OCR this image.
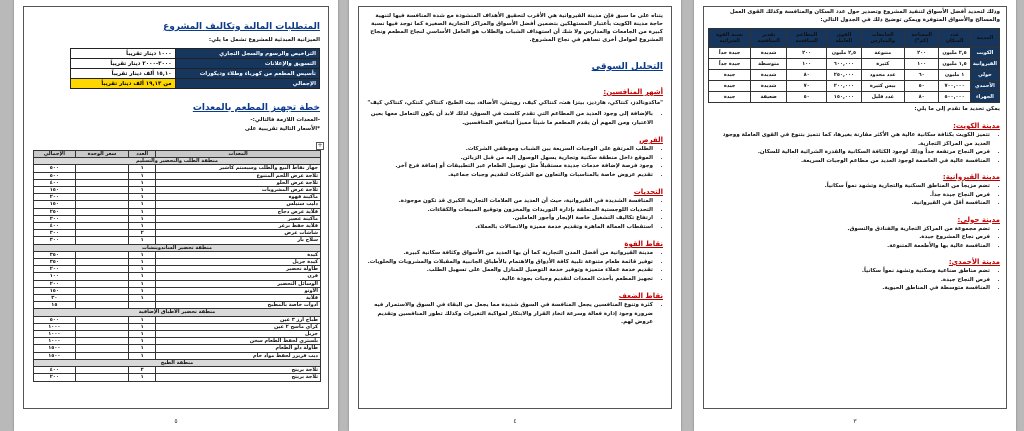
المتطلبات المالية وتكاليف المشروع
الميزانية المبدئية للمشروع تشمل ما يلي:
التراخيص والرسوم والسجل التجاري	١٠٠٠ دينار تقريباً
التسويق والإعلانات	٣٠٠٠-٢٠٠٠ دينار تقريباً
تأسيس المطعم من كهرباء وطلاء وديكورات	١٥,١٠ ألف دينار تقريباً
الإجمالي	من ١٩,١٣ ألف دينار تقريباً
خطة تجهيز المطعم بالمعدات
-المعدات اللازمة فالتالي:-
*الأسعار التالية تقريبية على
المعدات	العدد	سعر الوحدة	الإجمالي
منطقة الطلب والتحضير والتسليم			
جهاز نقاط البيع والطلب وسيستم كاشير	١		٥٠٠
ثلاجة عرض اللحم المتنوع	١		٥٠٠
ثلاجة عرض الحلو	١		٤٠٠
ثلاجة عرض المشروبات	١		١٥٠
ماكينة قهوة	١		٢٠٠
دليب ستيلس	١		١٥٠
قلاية عرض دجاج	١		٢٥٠
ماكينة عصير	١		٣٠٠
قلاية حفظ برغر	١		٤٠٠
شاشات عرض	٢		٣٠٠
سلاح بار	١		٣٠٠
منطقة تحضير الساندويتشات			
كيدة	١		٣٥٠
كيدة جريل	١		٣٥٠
طاولة تحضير	١		٢٠٠
فرن	١		١٠٠
الوسائل التحضير	١		٢٠٠
الأوتو	١		١٥٠
قلاية	١		٣٠
أدوات خاصة بالمطبخ			١٥
منطقة تحضير الأطباق الإضافية			
طباخ أرز ٣ عين	١		٥٠٠
كراي ماسح ٢ عين	١		١٠٠٠
جريل	١		١٠٠٠
بلستري لحفظ الطعام سخن	١		١٠٠٠
طاولة دلو الطعام	١		١٥٠٠
ديب فريزر لحفظ مواد خام	١		١٥٠٠
منطقة الطبخ			
ثلاجة بريتج	٢		٤٠٠
ثلاجة بريتج	١		٢٠٠
٥
+
يتناه على ما سبق فإن مدينة القيروانية هي الأقرب لتحقيق الأهداف المنشودة مع شدة المنافسة فيها لتنهية حاجة مدينة الكويت بأعتبار المستهلكين بتضمين أفضل الأسواق والمراكز التجارية الصغيرة كما توجد فيها نسبة كبيرة من الجامعات والمدارس ولا شك أن استهداف الشباب والطلاب هو العامل الأساسي لنجاح المطعم ونجاح المشروع لعوامل أخرى تساهم في نجاح المشروع.
التحليل السوقي
أشهر المنافسين:
"ماكدونالدز، كنتاكي، هارديز، بيتزا هت، كنتاكي كيف، رويتش، الأصالة، بيت الطبخ، كنتاكي كنتكي، كنتاكي كيف"
• بالإضافة إلى وجود العديد من المطاعم التي تقدم كلست في السوق، لذلك لابد أن يكون التعامل معها بعين الاعتبار، ومن المهم أن يقدم المطعم ما شيئاً مميزاً لينافس المنافسين.
الفرص
• الطلب المرتفع على الوجبات السريعة بين الشباب وموظفي الشركات.
• الموقع داخل منطقة سكنية وتجارية يسهل الوصول إليه من قبل الزبائن.
• وجود فرصة لإضافة خدمات جديدة مستقبلاً مثل توصيل الطعام عبر التطبيقات أو إضافة فرع آخر.
• تقديم عروض خاصة بالمناسبات والتعاون مع الشركات لتقديم وجبات جماعية.
التحديات
• المنافسة الشديدة في القيروانية، حيث أن العديد من العلامات التجارية الكبرى قد تكون موجودة.
• التحديات اللوجستية المتعلقة بإدارة التوريدات والمخزون وتوقيع المبيعات والكفاءات.
• ارتفاع تكاليف التشغيل خاصة الإيجار وأجور العاملين.
• استقطاب العمالة الماهرة وتقديم خدمة مميزة والاتصالات بالعملاء.
نقاط القوة
• مدينة القيروانية من أفضل المدن التجارية كما أن بها العديد من الأسواق وكثافة سكانية كبيرة.
• توفير قائمة طعام متنوعة تلبية كافة الأذواق والاهتمام بالأطباق الجانبية والمقبلات والمشروبات والحلويات.
• تقديم خدمة عملاء متميزة وتوفير خدمة التوصيل للمنازل والعمل على تسهيل الطلب.
• تجهيز المطعم بأحدث المعدات لتقديم وجبات بجودة عالية.
نقاط الضعف
• كثرة وتنوع المنافسين يجعل المنافسة في السوق شديدة مما يجعل من البقاء في السوق والاستمرار فيه ضرورة وجود إدارة فعالة وسرعة اتخاذ القرار والابتكار لمواكبة التغيرات وكذلك تطور المنافسين وتقديم عروض لهم.
٤
وذلك لتحديد أفضل الأسواق لتنفيذ المشروع وتصدير حول عدد السكان والمنافسة وكذلك القوى العمل والمسالح والأسواق المتوفرة ويمكن توضيح ذلك في الجدول التالي:
المدينة	عدد السكان	المساحة (كم²)	الجامعات والمدارس	القوى العاملة	المطاعم المنافسة	تقدير المنافسة	نسبة القوة الشرائية
الكويت	٢,٥ مليون	٢٠٠	متنوعة	٢,٥ مليون	٢٠٠	شديدة	جيدة جداً
القيروانية	١,٥ مليون	١٠٠	كثيرة	٦٠٠,٠٠٠	١٠٠	متوسطة	جيدة جداً
حولي	١ مليون	٦٠	عدد محدود	٢٥٠,٠٠٠	٨٠	شديدة	جيدة
الأحمدي	٧٠٠,٠٠٠	٥٠	بيس كثيرة	٢٠٠,٠٠٠	٧٠	شديدة	جيدة
الجهراء	٥٠٠,٠٠٠	٨٠	عدد قليل	١٥٠,٠٠٠	٥٠	ضعيفة	جيدة
يمكن تحديد ما تقدم إلى ما يلي:
مدينة الكويت:
• تتميز الكويت بكثافة سكانية عالية هي الأكثر مقارنة بغيرها، كما تتميز بتنوع في القوى العاملة ووجود العديد من المراكز التجارية.
• فرص النجاح مرتفعة جداً وذلك لوجود الكثافة السكانية والقدرة الشرائية العالية للسكان.
• المنافسة عالية في العاصمة لوجود العديد من مطاعم الوجبات السريعة.
مدينة القيروانية:
• تضم مزيجاً من المناطق السكنية والتجارية وتشهد نمواً سكانياً.
• فرص النجاح جيدة جداً.
• المنافسة أقل في القيروانية.
مدينة حولي:
• تضم مجموعة من المراكز التجارية والفنادق والتسوق.
• فرص نجاح المشروع جيدة.
• المنافسة عالية بها والأطعمة المتنوعة.
مدينة الأحمدي:
• تضم مناطق صناعية وسكنية وتشهد نمواً سكانياً.
• فرص النجاح جيدة.
• المنافسة متوسطة في المناطق الحيوية.
٣
